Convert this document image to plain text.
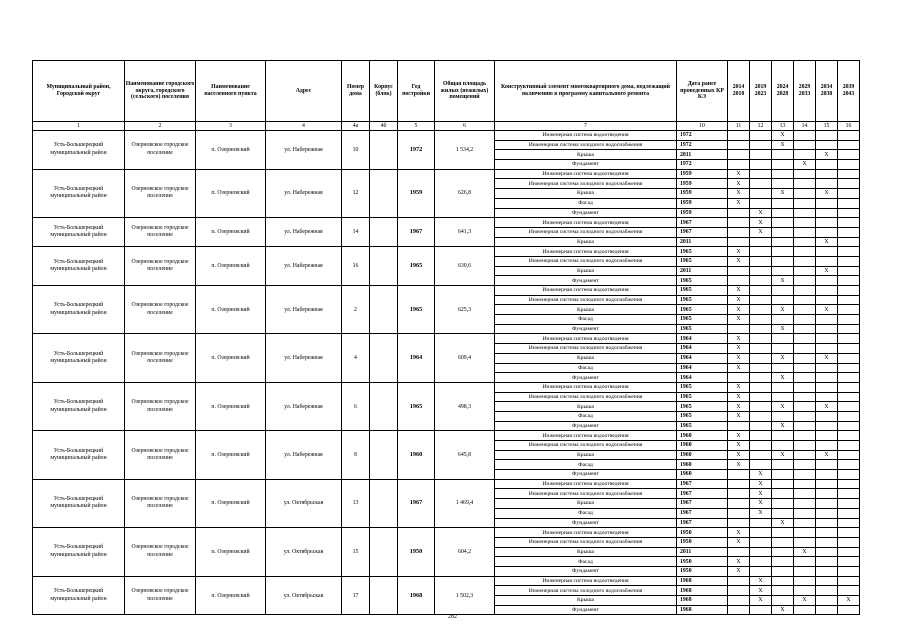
Муниципальный район, Городской округ	Наименование городского округа, городского (сельского) поселения	Наименование населенного пункта	Адрес	Номер дома	Корпус (блок)	Год постройки	Общая площадь жилых (нежилых) помещений	Конструктивный элемент многоквартирного дома, подлежащий включению в программу капитального ремонта	Дата ранее проведенных КР КЭ	2014 2018	2019 2023	2024 2028	2029 2033	2034 2038	2039 2043
1	2	3	4	4а	4б	5	6	7	10	11	12	13	14	15	16
Усть-Большерецкий муниципальный район	Озерновское городское поселение	п. Озерновский	ул. Набережная	10		1972	1 534,2	Инженерная система водоотведения	1972			Х			
								Инженерная система холодного водоснабжения	1972			Х			
								Крыша	2011					Х	
								Фундамент	1972				Х		
Усть-Большерецкий муниципальный район	Озерновское городское поселение	п. Озерновский	ул. Набережная	12		1959	626,8	Инженерная система водоотведения	1959	Х					
								Инженерная система холодного водоснабжения	1959	Х					
								Крыша	1959	Х		Х		Х	
								Фасад	1959	Х					
								Фундамент	1959		Х				
Усть-Большерецкий муниципальный район	Озерновское городское поселение	п. Озерновский	ул. Набережная	14		1967	641,3	Инженерная система водоотведения	1967		Х				
								Инженерная система холодного водоснабжения	1967		Х				
								Крыша	2011					Х	
Усть-Большерецкий муниципальный район	Озерновское городское поселение	п. Озерновский	ул. Набережная	16		1965	630,6	Инженерная система водоотведения	1965	Х					
								Инженерная система холодного водоснабжения	1965	Х					
								Крыша	2011					Х	
								Фундамент	1965			Х			
Усть-Большерецкий муниципальный район	Озерновское городское поселение	п. Озерновский	ул. Набережная	2		1965	625,3	Инженерная система водоотведения	1965	Х					
								Инженерная система холодного водоснабжения	1965	Х					
								Крыша	1965	Х		Х		Х	
								Фасад	1965	Х					
								Фундамент	1965			Х			
Усть-Большерецкий муниципальный район	Озерновское городское поселение	п. Озерновский	ул. Набережная	4		1964	609,4	Инженерная система водоотведения	1964	Х					
								Инженерная система холодного водоснабжения	1964	Х					
								Крыша	1964	Х		Х		Х	
								Фасад	1964	Х					
								Фундамент	1964			Х			
Усть-Большерецкий муниципальный район	Озерновское городское поселение	п. Озерновский	ул. Набережная	6		1965	498,3	Инженерная система водоотведения	1965	Х					
								Инженерная система холодного водоснабжения	1965	Х					
								Крыша	1965	Х		Х		Х	
								Фасад	1965	Х					
								Фундамент	1965			Х			
Усть-Большерецкий муниципальный район	Озерновское городское поселение	п. Озерновский	ул. Набережная	8		1960	645,8	Инженерная система водоотведения	1960	Х					
								Инженерная система холодного водоснабжения	1960	Х					
								Крыша	1960	Х		Х		Х	
								Фасад	1960	Х					
								Фундамент	1960		Х				
Усть-Большерецкий муниципальный район	Озерновское городское поселение	п. Озерновский	ул. Октябрьская	13		1967	1 469,4	Инженерная система водоотведения	1967		Х				
								Инженерная система холодного водоснабжения	1967		Х				
								Крыша	1967		Х				
								Фасад	1967		Х				
								Фундамент	1967			Х			
Усть-Большерецкий муниципальный район	Озерновское городское поселение	п. Озерновский	ул. Октябрьская	15		1950	604,2	Инженерная система водоотведения	1950	Х					
								Инженерная система холодного водоснабжения	1950	Х					
								Крыша	2011				Х		
								Фасад	1950	Х					
								Фундамент	1950	Х					
Усть-Большерецкий муниципальный район	Озерновское городское поселение	п. Озерновский	ул. Октябрьская	17		1968	1 502,3	Инженерная система водоотведения	1968		Х				
								Инженерная система холодного водоснабжения	1968		Х				
								Крыша	1968		Х		Х		Х
								Фундамент	1968			Х			
282
